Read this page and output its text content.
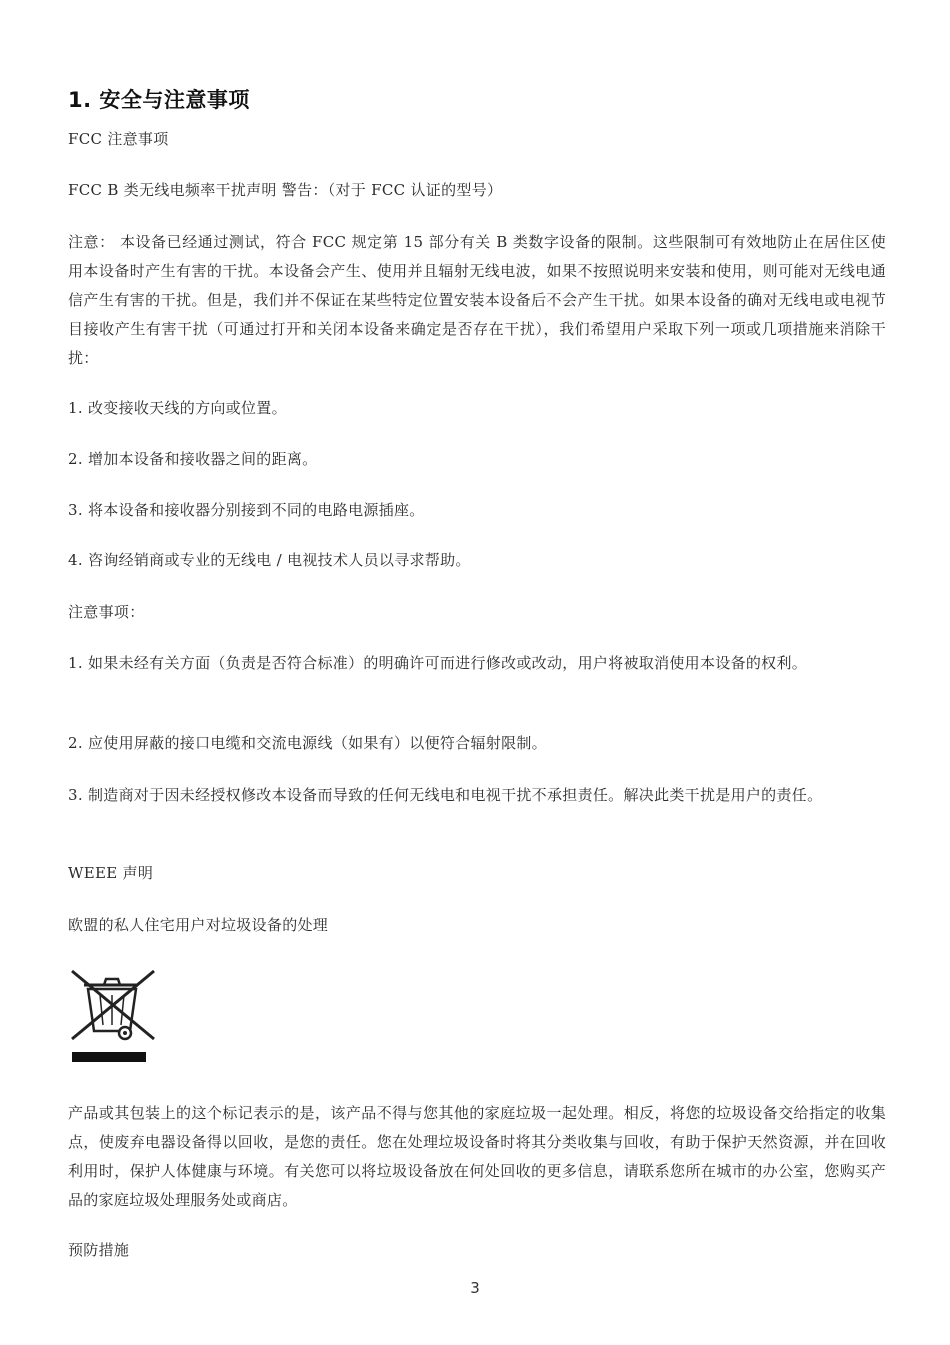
1. 安全与注意事项
FCC 注意事项
FCC B 类无线电频率干扰声明 警告：（对于 FCC 认证的型号）
注意： 本设备已经通过测试，符合 FCC 规定第 15 部分有关 B 类数字设备的限制。这些限制可有效地防止在居住区使用本设备时产生有害的干扰。本设备会产生、使用并且辐射无线电波，如果不按照说明来安装和使用，则可能对无线电通信产生有害的干扰。但是，我们并不保证在某些特定位置安装本设备后不会产生干扰。如果本设备的确对无线电或电视节目接收产生有害干扰（可通过打开和关闭本设备来确定是否存在干扰），我们希望用户采取下列一项或几项措施来消除干扰：
1. 改变接收天线的方向或位置。
2. 增加本设备和接收器之间的距离。
3. 将本设备和接收器分别接到不同的电路电源插座。
4. 咨询经销商或专业的无线电 / 电视技术人员以寻求帮助。
注意事项：
1. 如果未经有关方面（负责是否符合标准）的明确许可而进行修改或改动，用户将被取消使用本设备的权利。
2. 应使用屏蔽的接口电缆和交流电源线（如果有）以便符合辐射限制。
3. 制造商对于因未经授权修改本设备而导致的任何无线电和电视干扰不承担责任。解决此类干扰是用户的责任。
WEEE 声明
欧盟的私人住宅用户对垃圾设备的处理
产品或其包装上的这个标记表示的是，该产品不得与您其他的家庭垃圾一起处理。相反，将您的垃圾设备交给指定的收集点，使废弃电器设备得以回收，是您的责任。您在处理垃圾设备时将其分类收集与回收，有助于保护天然资源，并在回收利用时，保护人体健康与环境。有关您可以将垃圾设备放在何处回收的更多信息，请联系您所在城市的办公室，您购买产品的家庭垃圾处理服务处或商店。
预防措施
3
